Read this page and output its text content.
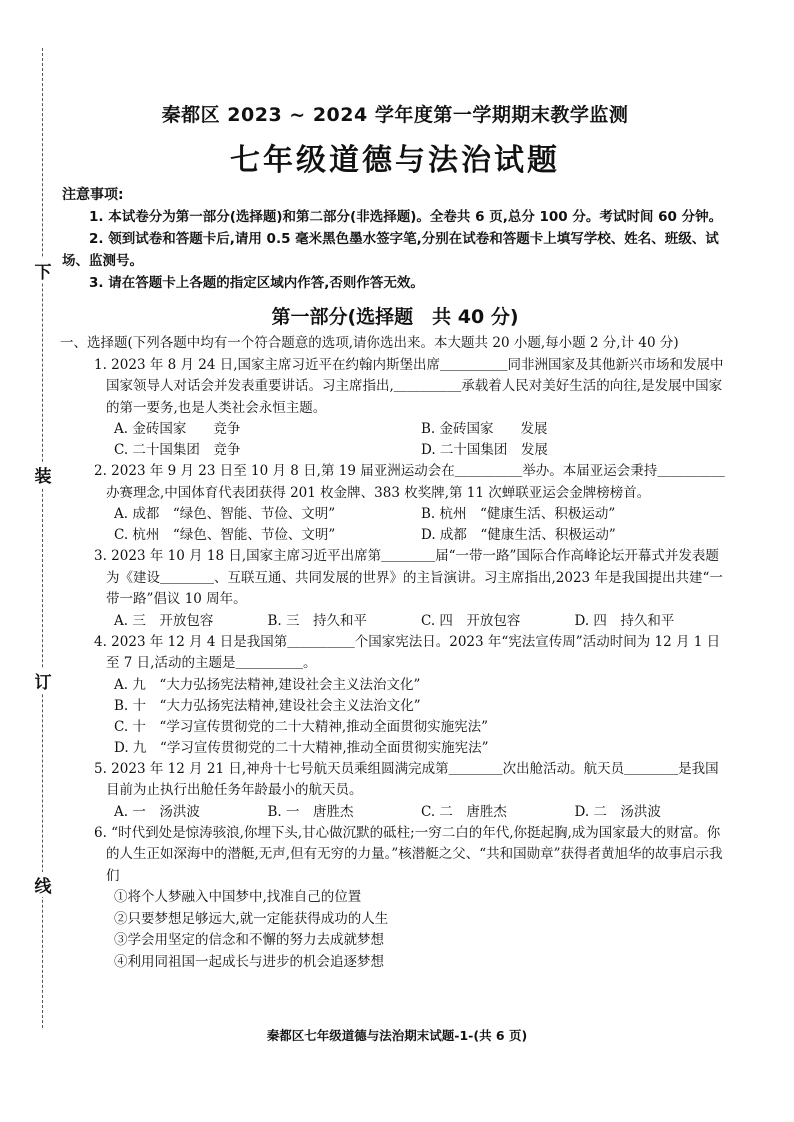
下
装
订
线
秦都区 2023 ~ 2024 学年度第一学期期末教学监测
七年级道德与法治试题
注意事项:
1. 本试卷分为第一部分(选择题)和第二部分(非选择题)。全卷共 6 页,总分 100 分。考试时间 60 分钟。
2. 领到试卷和答题卡后,请用 0.5 毫米黑色墨水签字笔,分别在试卷和答题卡上填写学校、姓名、班级、试场、监测号。
3. 请在答题卡上各题的指定区域内作答,否则作答无效。
第一部分(选择题　共 40 分)
一、选择题(下列各题中均有一个符合题意的选项,请你选出来。本大题共 20 小题,每小题 2 分,计 40 分)
1. 2023 年 8 月 24 日,国家主席习近平在约翰内斯堡出席＿＿＿＿＿同非洲国家及其他新兴市场和发展中国家领导人对话会并发表重要讲话。习主席指出,＿＿＿＿＿承载着人民对美好生活的向往,是发展中国家的第一要务,也是人类社会永恒主题。
A. 金砖国家　　竞争	B. 金砖国家　　发展
C. 二十国集团　竞争	D. 二十国集团　发展
2. 2023 年 9 月 23 日至 10 月 8 日,第 19 届亚洲运动会在＿＿＿＿＿举办。本届亚运会秉持＿＿＿＿＿办赛理念,中国体育代表团获得 201 枚金牌、383 枚奖牌,第 11 次蝉联亚运会金牌榜榜首。
A. 成都　“绿色、智能、节俭、文明”	B. 杭州　“健康生活、积极运动”
C. 杭州　“绿色、智能、节俭、文明”	D. 成都　“健康生活、积极运动”
3. 2023 年 10 月 18 日,国家主席习近平出席第＿＿＿＿届“一带一路”国际合作高峰论坛开幕式并发表题为《建设＿＿＿＿、互联互通、共同发展的世界》的主旨演讲。习主席指出,2023 年是我国提出共建“一带一路”倡议 10 周年。
A. 三　开放包容	B. 三　持久和平	C. 四　开放包容	D. 四　持久和平
4. 2023 年 12 月 4 日是我国第＿＿＿＿＿个国家宪法日。2023 年“宪法宣传周”活动时间为 12 月 1 日至 7 日,活动的主题是＿＿＿＿＿。
A. 九　“大力弘扬宪法精神,建设社会主义法治文化”
B. 十　“大力弘扬宪法精神,建设社会主义法治文化”
C. 十　“学习宣传贯彻党的二十大精神,推动全面贯彻实施宪法”
D. 九　“学习宣传贯彻党的二十大精神,推动全面贯彻实施宪法”
5. 2023 年 12 月 21 日,神舟十七号航天员乘组圆满完成第＿＿＿＿次出舱活动。航天员＿＿＿＿是我国目前为止执行出舱任务年龄最小的航天员。
A. 一　汤洪波	B. 一　唐胜杰	C. 二　唐胜杰	D. 二　汤洪波
6. “时代到处是惊涛骇浪,你埋下头,甘心做沉默的砥柱;一穷二白的年代,你挺起胸,成为国家最大的财富。你的人生正如深海中的潜艇,无声,但有无穷的力量。”核潜艇之父、“共和国勋章”获得者黄旭华的故事启示我们
①将个人梦融入中国梦中,找准自己的位置
②只要梦想足够远大,就一定能获得成功的人生
③学会用坚定的信念和不懈的努力去成就梦想
④利用同祖国一起成长与进步的机会追逐梦想
秦都区七年级道德与法治期末试题-1-(共 6 页)
